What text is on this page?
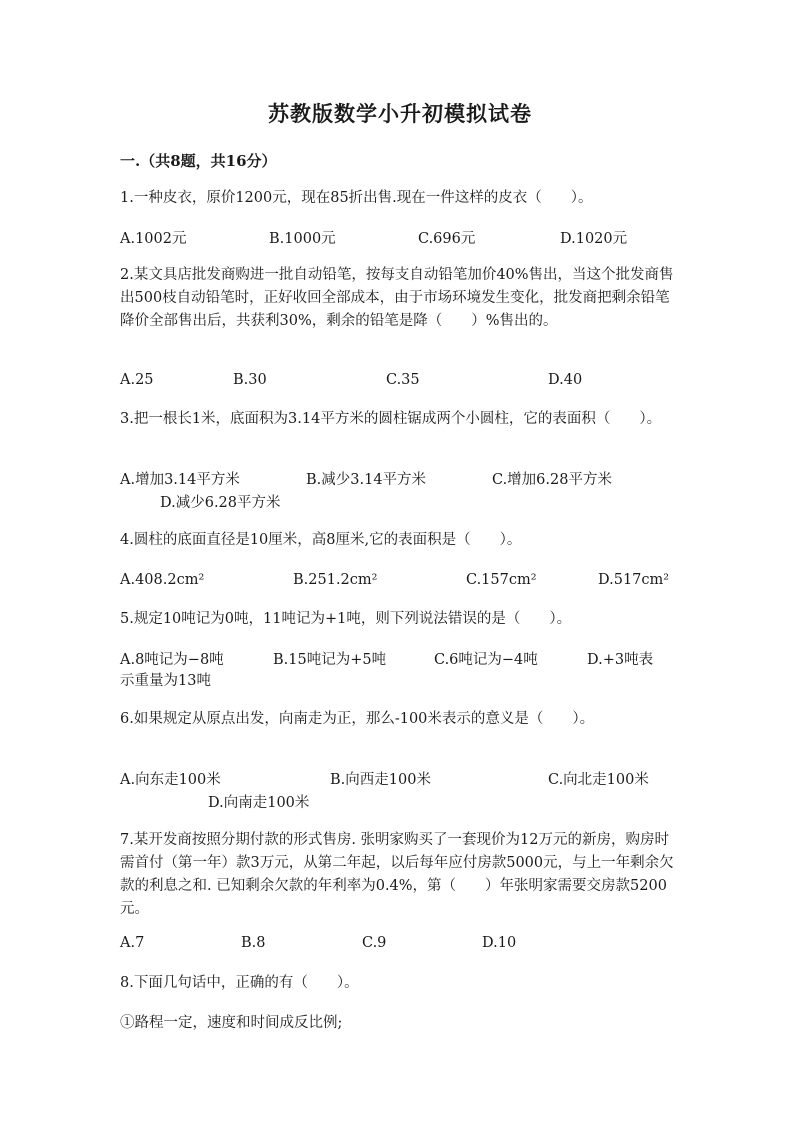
苏教版数学小升初模拟试卷
一.（共8题，共16分）
1.一种皮衣，原价1200元，现在85折出售.现在一件这样的皮衣（　　）。
A.1002元	B.1000元	C.696元	D.1020元
2.某文具店批发商购进一批自动铅笔，按每支自动铅笔加价40%售出，当这个批发商售出500枝自动铅笔时，正好收回全部成本，由于市场环境发生变化，批发商把剩余铅笔降价全部售出后，共获利30%，剩余的铅笔是降（　　）%售出的。
A.25	B.30	C.35	D.40
3.把一根长1米，底面积为3.14平方米的圆柱锯成两个小圆柱，它的表面积（　　）。
A.增加3.14平方米	B.减少3.14平方米	C.增加6.28平方米
D.减少6.28平方米
4.圆柱的底面直径是10厘米，高8厘米,它的表面积是（　　）。
A.408.2cm²	B.251.2cm²	C.157cm²	D.517cm²
5.规定10吨记为0吨，11吨记为+1吨，则下列说法错误的是（　　）。
A.8吨记为−8吨	B.15吨记为+5吨	C.6吨记为−4吨	D.+3吨表
示重量为13吨
6.如果规定从原点出发，向南走为正，那么-100米表示的意义是（　　）。
A.向东走100米	B.向西走100米	C.向北走100米
D.向南走100米
7.某开发商按照分期付款的形式售房. 张明家购买了一套现价为12万元的新房，购房时需首付（第一年）款3万元，从第二年起，以后每年应付房款5000元，与上一年剩余欠款的利息之和. 已知剩余欠款的年利率为0.4%，第（　　）年张明家需要交房款5200元。
A.7	B.8	C.9	D.10
8.下面几句话中，正确的有（　　）。
①路程一定，速度和时间成反比例;
